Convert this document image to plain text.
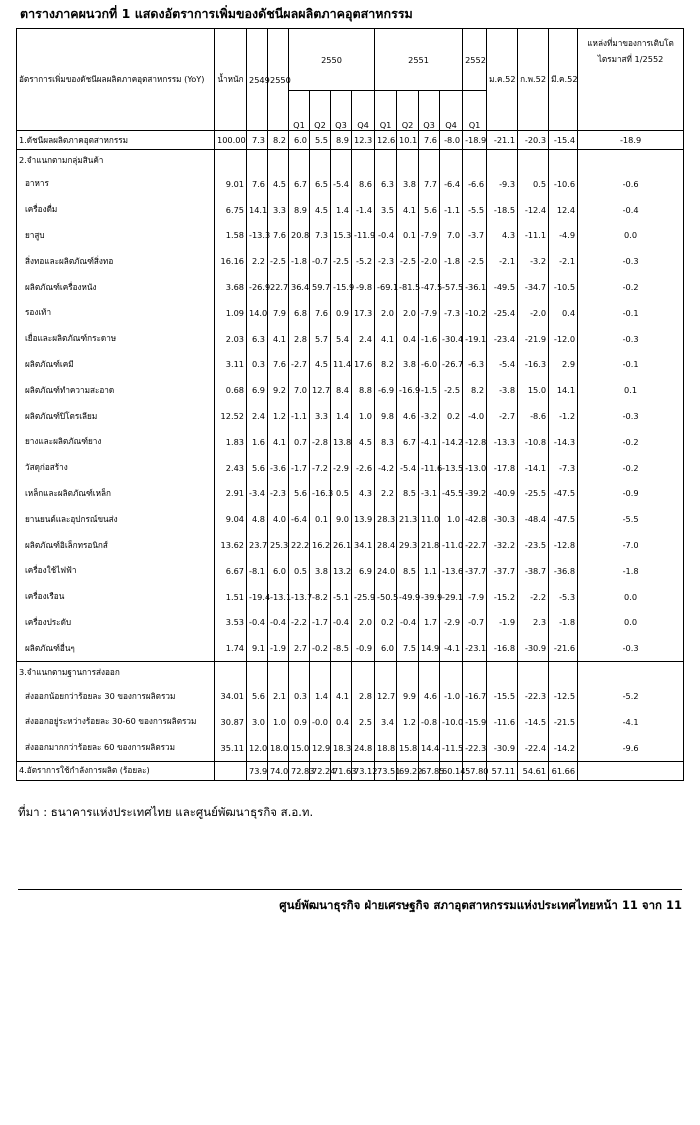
ตารางภาคผนวกที่ 1 แสดงอัตราการเพิ่มของดัชนีผลผลิตภาคอุตสาหกรรม
อัตราการเพิ่มของดัชนีผลผลิตภาคอุตสาหกรรม (YoY)	น้ำหนัก	2549	2550	2550				2551				2552	ม.ค.52	ก.พ.52	มี.ค.52	แหล่งที่มาของการเติบโตไตรมาสที่ 1/2552
				Q1	Q2	Q3	Q4	Q1	Q2	Q3	Q4	Q1				
1.ดัชนีผลผลิตภาคอุตสาหกรรม	100.00	7.3	8.2	6.0	5.5	8.9	12.3	12.6	10.1	7.6	-8.0	-18.9	-21.1	-20.3	-15.4	-18.9
2.จำแนกตามกลุ่มสินค้า																
อาหาร	9.01	7.6	4.5	6.7	6.5	-5.4	8.6	6.3	3.8	7.7	-6.4	-6.6	-9.3	0.5	-10.6	-0.6
เครื่องดื่ม	6.75	14.1	3.3	8.9	4.5	1.4	-1.4	3.5	4.1	5.6	-1.1	-5.5	-18.5	-12.4	12.4	-0.4
ยาสูบ	1.58	-13.3	7.6	20.8	7.3	15.3	-11.9	-0.4	0.1	-7.9	7.0	-3.7	4.3	-11.1	-4.9	0.0
สิ่งทอและผลิตภัณฑ์สิ่งทอ	16.16	2.2	-2.5	-1.8	-0.7	-2.5	-5.2	-2.3	-2.5	-2.0	-1.8	-2.5	-2.1	-3.2	-2.1	-0.3
ผลิตภัณฑ์เครื่องหนัง	3.68	-26.9	22.7	36.4	59.7	-15.9	-9.8	-69.1	-81.5	-47.5	-57.5	-36.1	-49.5	-34.7	-10.5	-0.2
รองเท้า	1.09	14.0	7.9	6.8	7.6	0.9	17.3	2.0	2.0	-7.9	-7.3	-10.2	-25.4	-2.0	0.4	-0.1
เยื่อและผลิตภัณฑ์กระดาษ	2.03	6.3	4.1	2.8	5.7	5.4	2.4	4.1	0.4	-1.6	-30.4	-19.1	-23.4	-21.9	-12.0	-0.3
ผลิตภัณฑ์เคมี	3.11	0.3	7.6	-2.7	4.5	11.4	17.6	8.2	3.8	-6.0	-26.7	-6.3	-5.4	-16.3	2.9	-0.1
ผลิตภัณฑ์ทำความสะอาด	0.68	6.9	9.2	7.0	12.7	8.4	8.8	-6.9	-16.9	-1.5	-2.5	8.2	-3.8	15.0	14.1	0.1
ผลิตภัณฑ์ปิโตรเลียม	12.52	2.4	1.2	-1.1	3.3	1.4	1.0	9.8	4.6	-3.2	0.2	-4.0	-2.7	-8.6	-1.2	-0.3
ยางและผลิตภัณฑ์ยาง	1.83	1.6	4.1	0.7	-2.8	13.8	4.5	8.3	6.7	-4.1	-14.2	-12.8	-13.3	-10.8	-14.3	-0.2
วัสดุก่อสร้าง	2.43	5.6	-3.6	-1.7	-7.2	-2.9	-2.6	-4.2	-5.4	-11.6	-13.5	-13.0	-17.8	-14.1	-7.3	-0.2
เหล็กและผลิตภัณฑ์เหล็ก	2.91	-3.4	-2.3	5.6	-16.3	0.5	4.3	2.2	8.5	-3.1	-45.5	-39.2	-40.9	-25.5	-47.5	-0.9
ยานยนต์และอุปกรณ์ขนส่ง	9.04	4.8	4.0	-6.4	0.1	9.0	13.9	28.3	21.3	11.0	1.0	-42.8	-30.3	-48.4	-47.5	-5.5
ผลิตภัณฑ์อิเล็กทรอนิกส์	13.62	23.7	25.3	22.2	16.2	26.1	34.1	28.4	29.3	21.8	-11.0	-22.7	-32.2	-23.5	-12.8	-7.0
เครื่องใช้ไฟฟ้า	6.67	-8.1	6.0	0.5	3.8	13.2	6.9	24.0	8.5	1.1	-13.6	-37.7	-37.7	-38.7	-36.8	-1.8
เครื่องเรือน	1.51	-19.4	-13.1	-13.7	-8.2	-5.1	-25.9	-50.5	-49.9	-39.9	-29.1	-7.9	-15.2	-2.2	-5.3	0.0
เครื่องประดับ	3.53	-0.4	-0.4	-2.2	-1.7	-0.4	2.0	0.2	-0.4	1.7	-2.9	-0.7	-1.9	2.3	-1.8	0.0
ผลิตภัณฑ์อื่นๆ	1.74	9.1	-1.9	2.7	-0.2	-8.5	-0.9	6.0	7.5	14.9	-4.1	-23.1	-16.8	-30.9	-21.6	-0.3
3.จำแนกตามฐานการส่งออก																
ส่งออกน้อยกว่าร้อยละ 30 ของการผลิตรวม	34.01	5.6	2.1	0.3	1.4	4.1	2.8	12.7	9.9	4.6	-1.0	-16.7	-15.5	-22.3	-12.5	-5.2
ส่งออกอยู่ระหว่างร้อยละ 30-60 ของการผลิตรวม	30.87	3.0	1.0	0.9	-0.0	0.4	2.5	3.4	1.2	-0.8	-10.0	-15.9	-11.6	-14.5	-21.5	-4.1
ส่งออกมากกว่าร้อยละ 60 ของการผลิตรวม	35.11	12.0	18.0	15.0	12.9	18.3	24.8	18.8	15.8	14.4	-11.5	-22.3	-30.9	-22.4	-14.2	-9.6
4.อัตราการใช้กำลังการผลิต (ร้อยละ)		73.9	74.0	72.83	72.24	71.63	73.12	73.51	69.22	67.85	60.14	57.80	57.11	54.61	61.66	
ที่มา : ธนาคารแห่งประเทศไทย และศูนย์พัฒนาธุรกิจ ส.อ.ท.
ศูนย์พัฒนาธุรกิจ ฝ่ายเศรษฐกิจ สภาอุตสาหกรรมแห่งประเทศไทยหน้า 11 จาก 11
